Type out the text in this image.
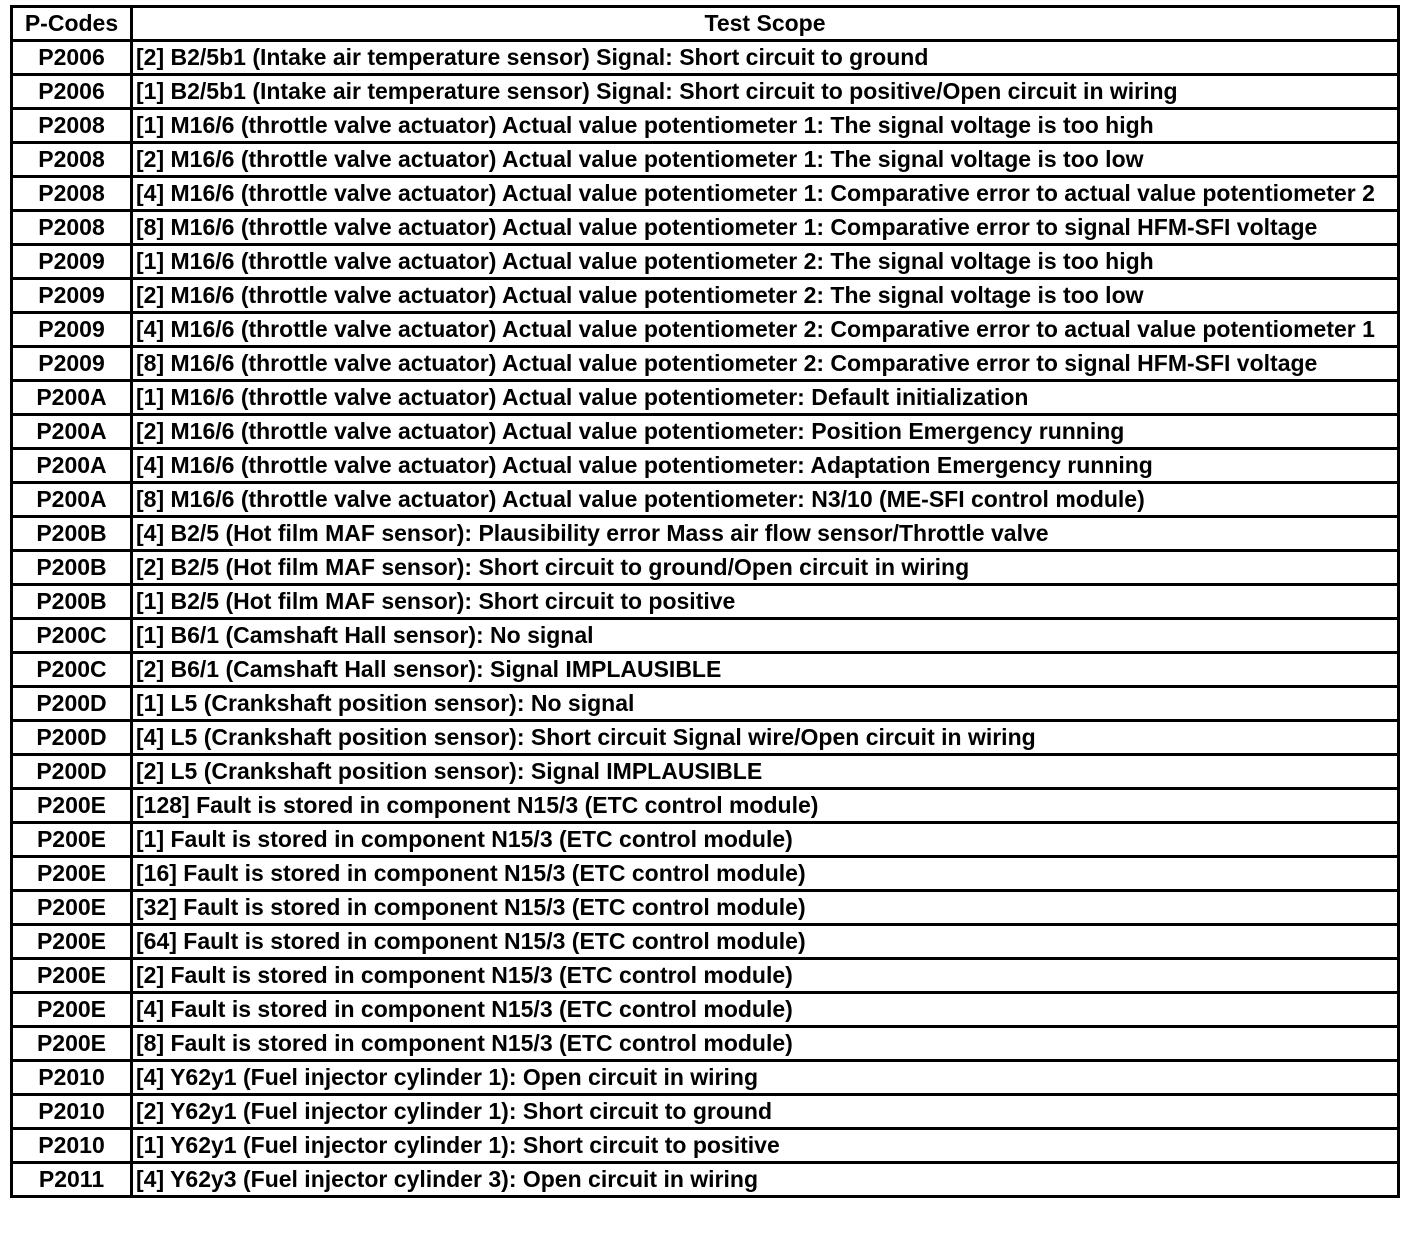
P-Codes	Test Scope
P2006	[2] B2/5b1 (Intake air temperature sensor) Signal: Short circuit to ground
P2006	[1] B2/5b1 (Intake air temperature sensor) Signal: Short circuit to positive/Open circuit in wiring
P2008	[1] M16/6 (throttle valve actuator) Actual value potentiometer 1: The signal voltage is too high
P2008	[2] M16/6 (throttle valve actuator) Actual value potentiometer 1: The signal voltage is too low
P2008	[4] M16/6 (throttle valve actuator) Actual value potentiometer 1: Comparative error to actual value potentiometer 2
P2008	[8] M16/6 (throttle valve actuator) Actual value potentiometer 1: Comparative error to signal HFM-SFI voltage
P2009	[1] M16/6 (throttle valve actuator) Actual value potentiometer 2: The signal voltage is too high
P2009	[2] M16/6 (throttle valve actuator) Actual value potentiometer 2: The signal voltage is too low
P2009	[4] M16/6 (throttle valve actuator) Actual value potentiometer 2: Comparative error to actual value potentiometer 1
P2009	[8] M16/6 (throttle valve actuator) Actual value potentiometer 2: Comparative error to signal HFM-SFI voltage
P200A	[1] M16/6 (throttle valve actuator) Actual value potentiometer: Default initialization
P200A	[2] M16/6 (throttle valve actuator) Actual value potentiometer: Position Emergency running
P200A	[4] M16/6 (throttle valve actuator) Actual value potentiometer: Adaptation Emergency running
P200A	[8] M16/6 (throttle valve actuator) Actual value potentiometer: N3/10 (ME-SFI control module)
P200B	[4] B2/5 (Hot film MAF sensor): Plausibility error Mass air flow sensor/Throttle valve
P200B	[2] B2/5 (Hot film MAF sensor): Short circuit to ground/Open circuit in wiring
P200B	[1] B2/5 (Hot film MAF sensor): Short circuit to positive
P200C	[1] B6/1 (Camshaft Hall sensor): No signal
P200C	[2] B6/1 (Camshaft Hall sensor): Signal IMPLAUSIBLE
P200D	[1] L5 (Crankshaft position sensor): No signal
P200D	[4] L5 (Crankshaft position sensor): Short circuit Signal wire/Open circuit in wiring
P200D	[2] L5 (Crankshaft position sensor): Signal IMPLAUSIBLE
P200E	[128] Fault is stored in component N15/3 (ETC control module)
P200E	[1] Fault is stored in component N15/3 (ETC control module)
P200E	[16] Fault is stored in component N15/3 (ETC control module)
P200E	[32] Fault is stored in component N15/3 (ETC control module)
P200E	[64] Fault is stored in component N15/3 (ETC control module)
P200E	[2] Fault is stored in component N15/3 (ETC control module)
P200E	[4] Fault is stored in component N15/3 (ETC control module)
P200E	[8] Fault is stored in component N15/3 (ETC control module)
P2010	[4] Y62y1 (Fuel injector cylinder 1): Open circuit in wiring
P2010	[2] Y62y1 (Fuel injector cylinder 1): Short circuit to ground
P2010	[1] Y62y1 (Fuel injector cylinder 1): Short circuit to positive
P2011	[4] Y62y3 (Fuel injector cylinder 3): Open circuit in wiring
